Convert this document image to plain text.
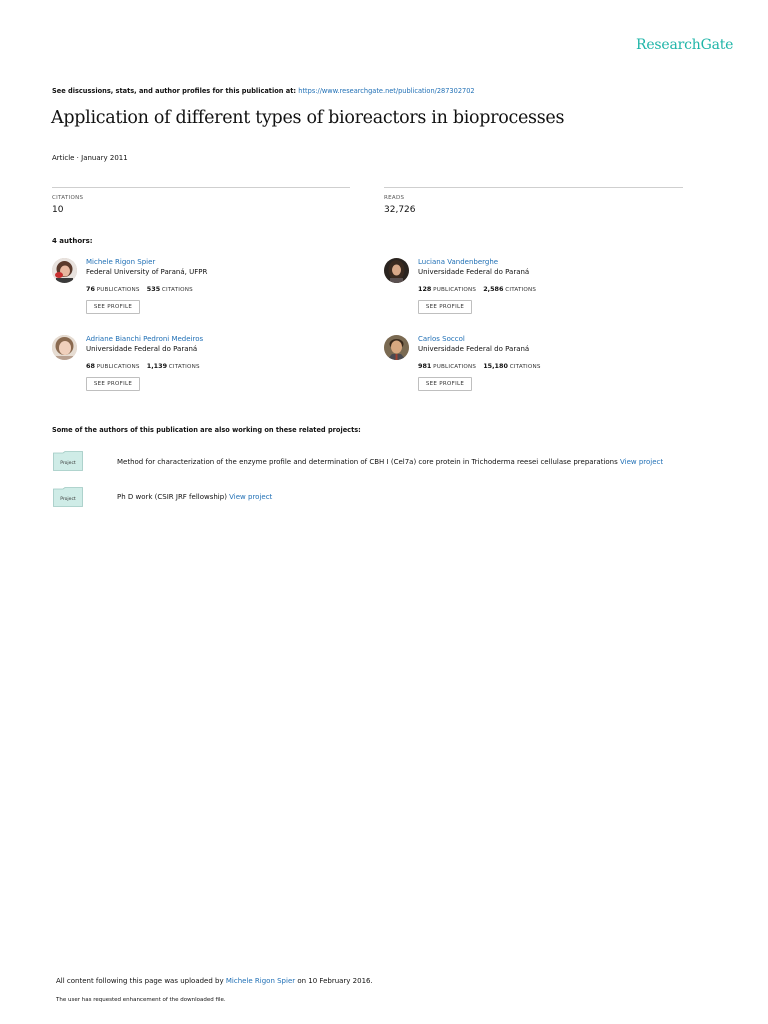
ResearchGate
See discussions, stats, and author profiles for this publication at: https://www.researchgate.net/publication/287302702
Application of different types of bioreactors in bioprocesses
Article · January 2011
CITATIONS
10
READS
32,726
4 authors:
Michele Rigon Spier
Federal University of Paraná, UFPR
76 PUBLICATIONS 535 CITATIONS
SEE PROFILE
Luciana Vandenberghe
Universidade Federal do Paraná
128 PUBLICATIONS 2,586 CITATIONS
SEE PROFILE
Adriane Bianchi Pedroni Medeiros
Universidade Federal do Paraná
68 PUBLICATIONS 1,139 CITATIONS
SEE PROFILE
Carlos Soccol
Universidade Federal do Paraná
981 PUBLICATIONS 15,180 CITATIONS
SEE PROFILE
Some of the authors of this publication are also working on these related projects:
Project	Method for characterization of the enzyme profile and determination of CBH I (Cel7a) core protein in Trichoderma reesei cellulase preparations View project
Project	Ph D work (CSIR JRF fellowship) View project
All content following this page was uploaded by Michele Rigon Spier on 10 February 2016.
The user has requested enhancement of the downloaded file.
